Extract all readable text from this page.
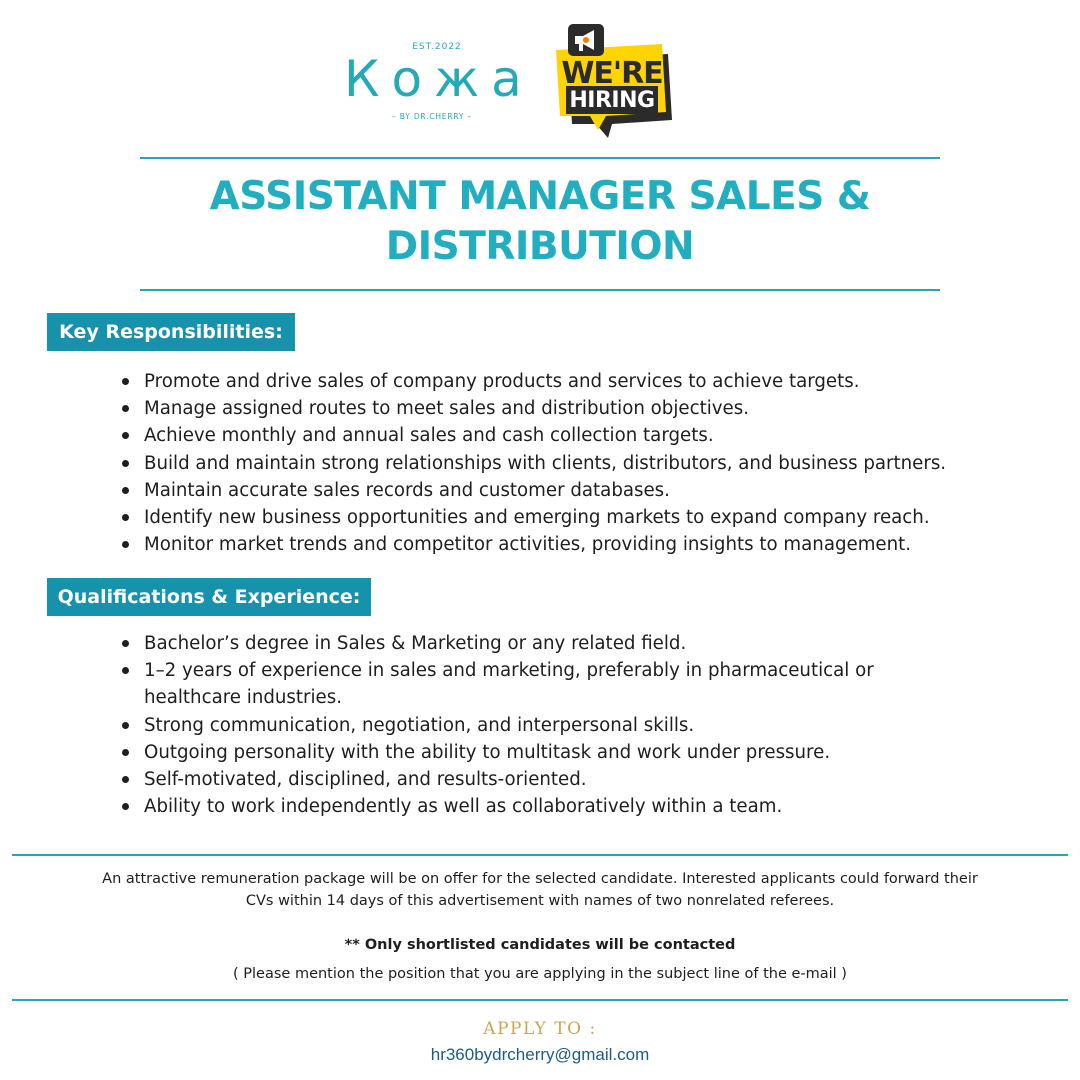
EST.2022
Кожа
– BY DR.CHERRY –
WE'RE
HIRING
ASSISTANT MANAGER SALES &
DISTRIBUTION
Key Responsibilities:
Promote and drive sales of company products and services to achieve targets.
Manage assigned routes to meet sales and distribution objectives.
Achieve monthly and annual sales and cash collection targets.
Build and maintain strong relationships with clients, distributors, and business partners.
Maintain accurate sales records and customer databases.
Identify new business opportunities and emerging markets to expand company reach.
Monitor market trends and competitor activities, providing insights to management.
Qualifications & Experience:
Bachelor’s degree in Sales & Marketing or any related field.
1–2 years of experience in sales and marketing, preferably in pharmaceutical or
healthcare industries.
Strong communication, negotiation, and interpersonal skills.
Outgoing personality with the ability to multitask and work under pressure.
Self-motivated, disciplined, and results-oriented.
Ability to work independently as well as collaboratively within a team.
An attractive remuneration package will be on offer for the selected candidate. Interested applicants could forward their
CVs within 14 days of this advertisement with names of two nonrelated referees.
** Only shortlisted candidates will be contacted
( Please mention the position that you are applying in the subject line of the e-mail )
APPLY TO :
hr360bydrcherry@gmail.com
